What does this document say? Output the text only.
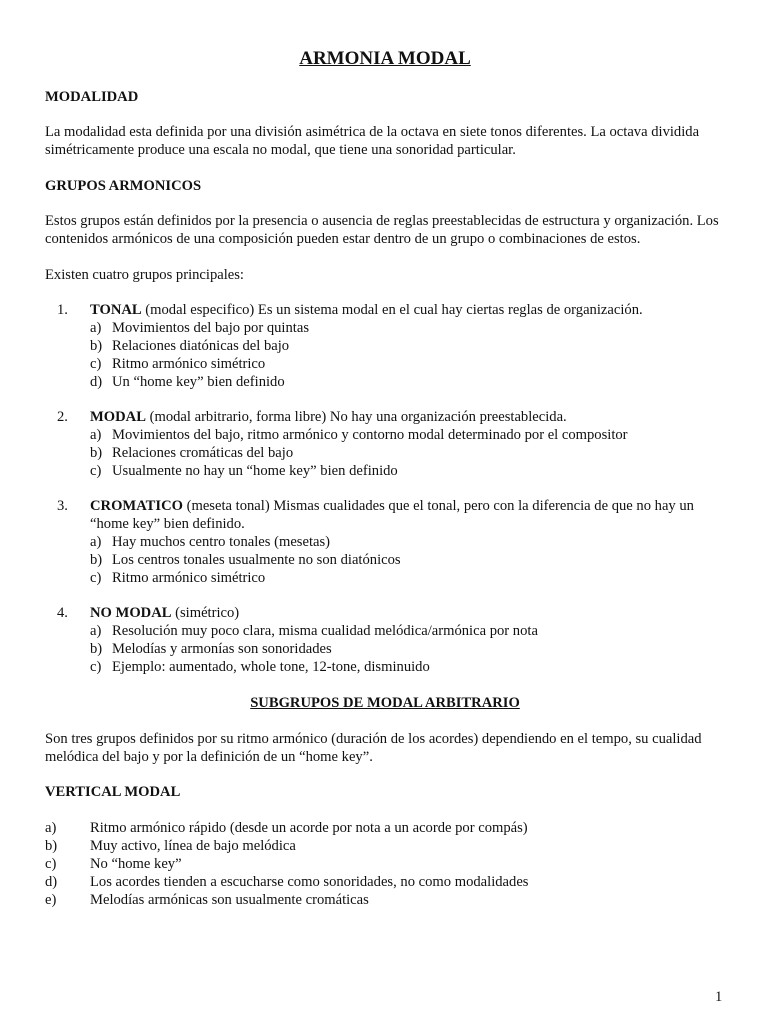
ARMONIA MODAL
MODALIDAD
La modalidad esta definida por una división asimétrica de la octava en siete tonos diferentes. La octava dividida simétricamente produce una escala no modal, que tiene una sonoridad particular.
GRUPOS ARMONICOS
Estos grupos están definidos por la presencia o ausencia de reglas preestablecidas de estructura y organización. Los contenidos armónicos de una composición pueden estar dentro de un grupo o combinaciones de estos.
Existen cuatro grupos principales:
1. TONAL (modal especifico) Es un sistema modal en el cual hay ciertas reglas de organización.
a) Movimientos del bajo por quintas
b) Relaciones diatónicas del bajo
c) Ritmo armónico simétrico
d) Un “home key” bien definido
2. MODAL (modal arbitrario, forma libre) No hay una organización preestablecida.
a) Movimientos del bajo, ritmo armónico y contorno modal determinado por el compositor
b) Relaciones cromáticas del bajo
c) Usualmente no hay un “home key” bien definido
3. CROMATICO (meseta tonal) Mismas cualidades que el tonal, pero con la diferencia de que no hay un “home key” bien definido.
a) Hay muchos centro tonales (mesetas)
b) Los centros tonales usualmente no son diatónicos
c) Ritmo armónico simétrico
4. NO MODAL (simétrico)
a) Resolución muy poco clara, misma cualidad melódica/armónica por nota
b) Melodías y armonías son sonoridades
c) Ejemplo: aumentado, whole tone, 12-tone, disminuido
SUBGRUPOS DE MODAL ARBITRARIO
Son tres grupos definidos por su ritmo armónico (duración de los acordes) dependiendo en el tempo, su cualidad melódica del bajo y por la definición de un “home key”.
VERTICAL MODAL
a) Ritmo armónico rápido (desde un acorde por nota a un acorde por compás)
b) Muy activo, línea de bajo melódica
c) No “home key”
d) Los acordes tienden a escucharse como sonoridades, no como modalidades
e) Melodías armónicas son usualmente cromáticas
1
